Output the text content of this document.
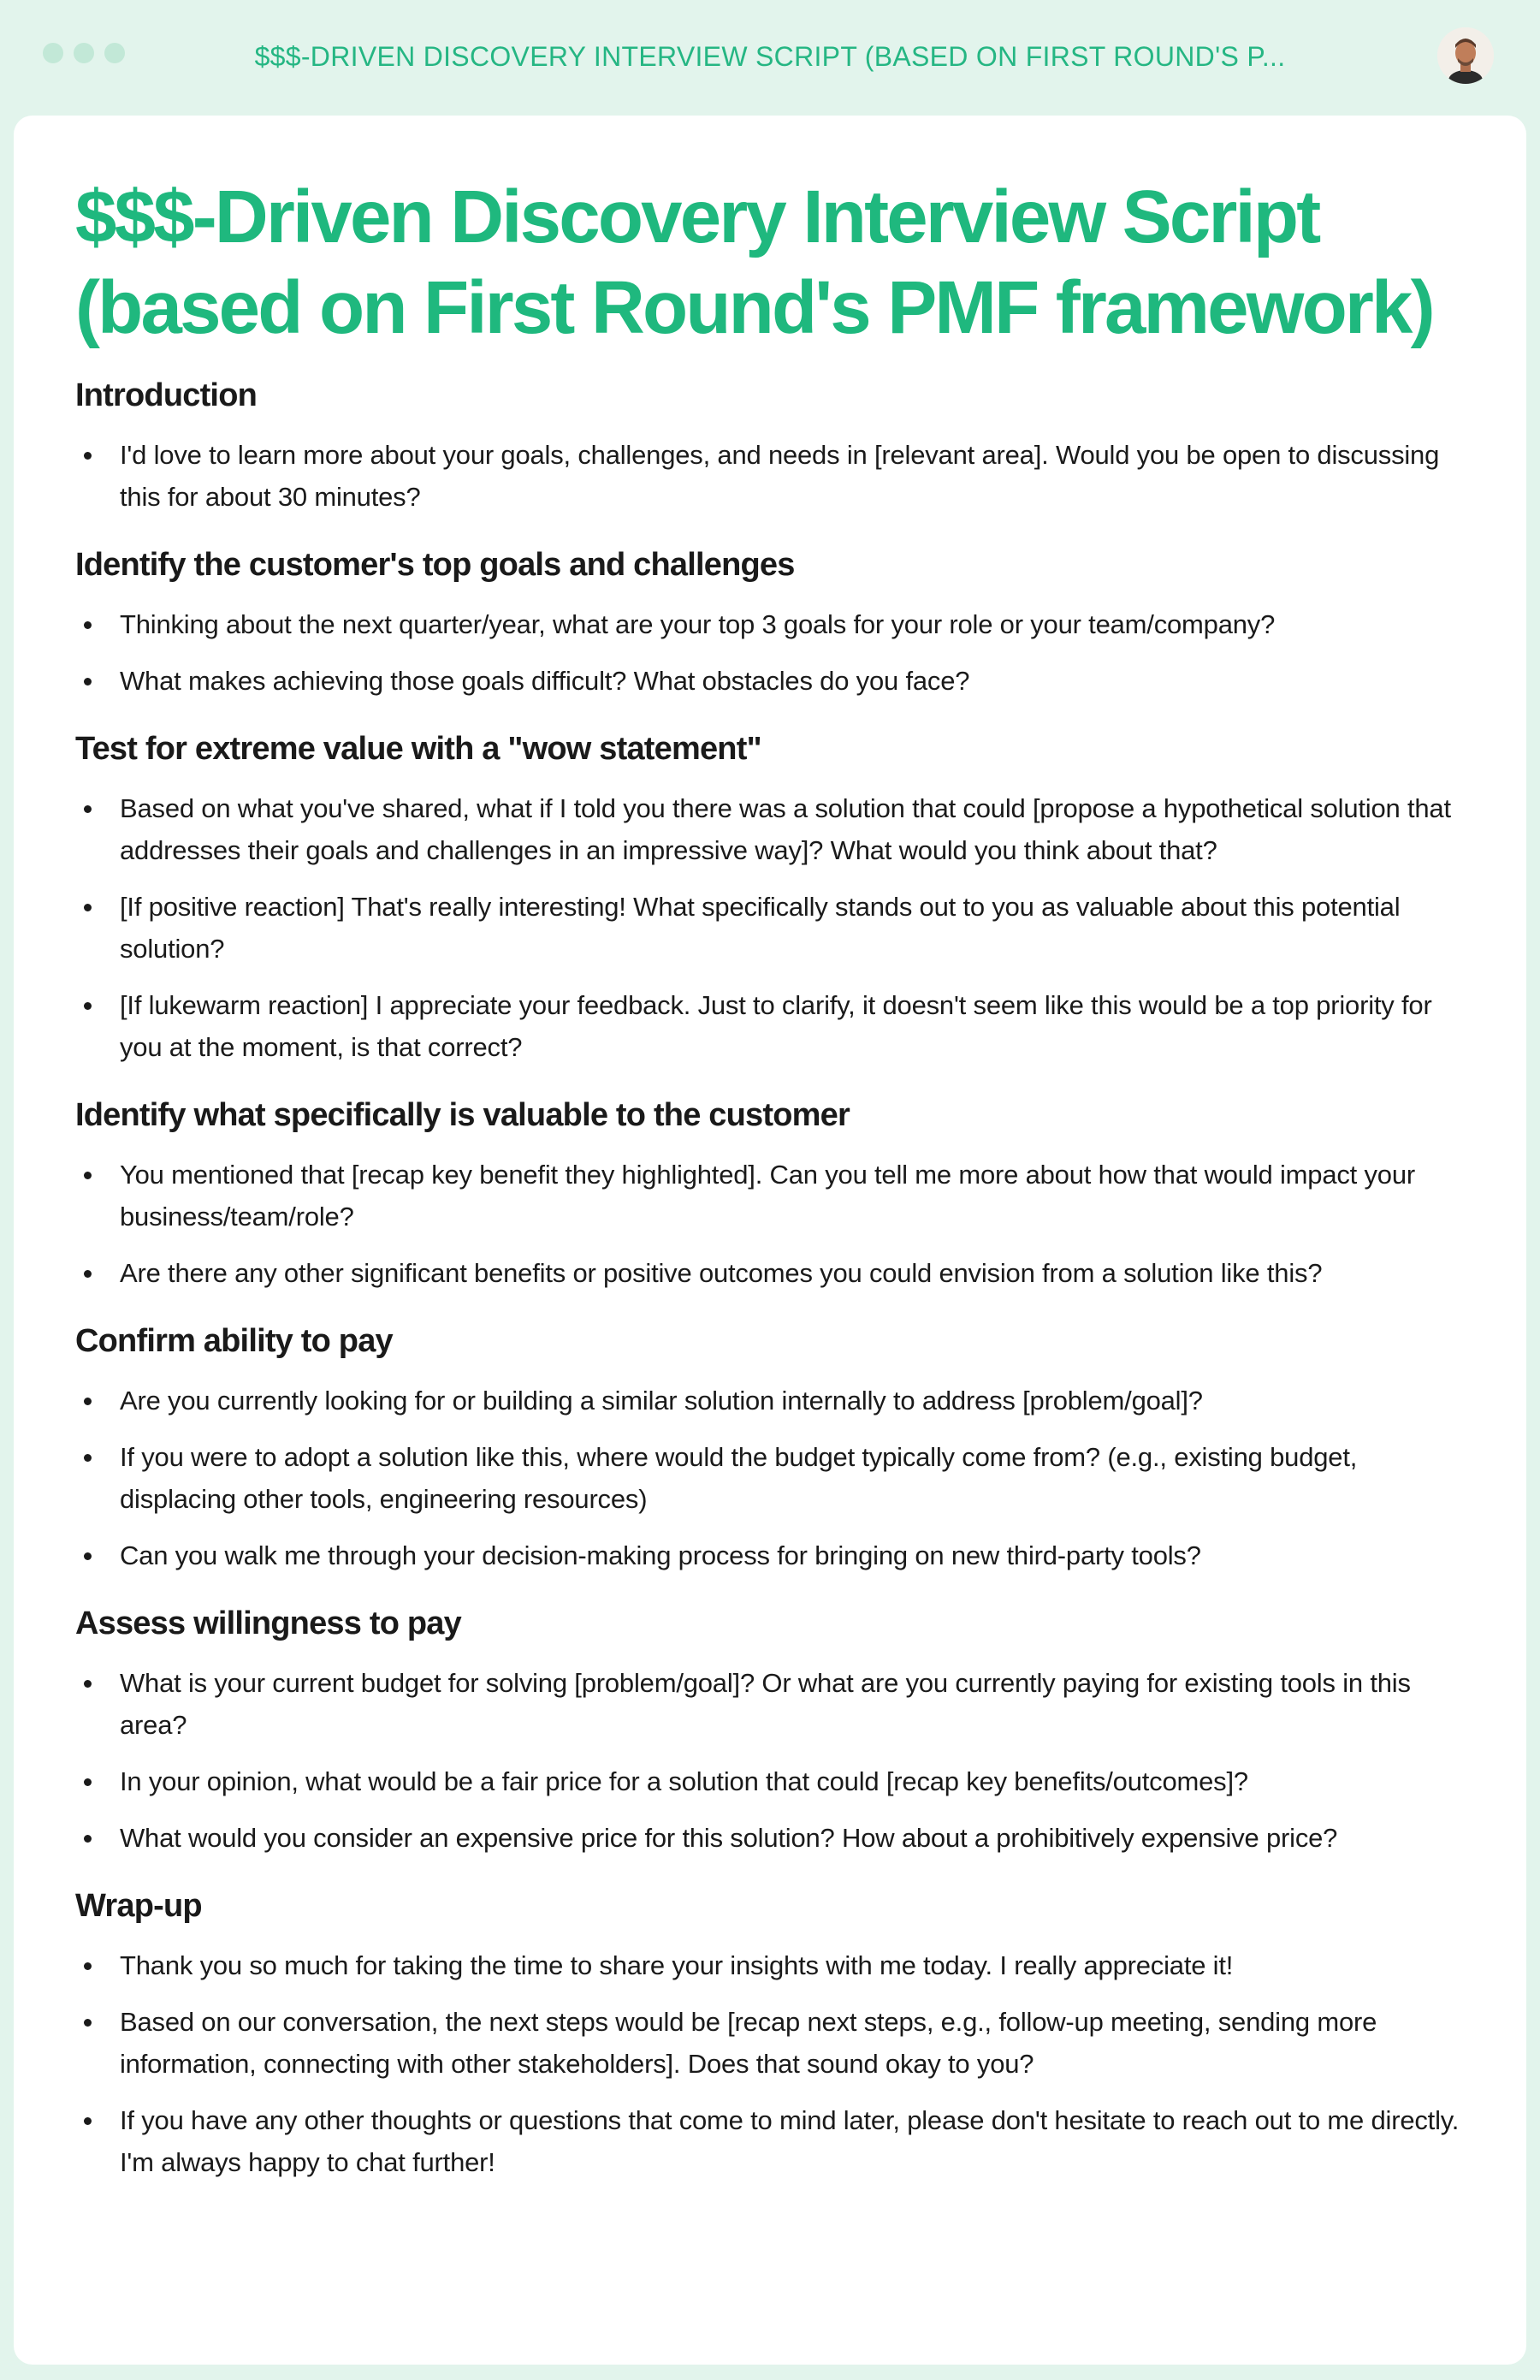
$$$-DRIVEN DISCOVERY INTERVIEW SCRIPT (BASED ON FIRST ROUND'S P...
$$$-Driven Discovery Interview Script (based on First Round's PMF framework)
Introduction
I'd love to learn more about your goals, challenges, and needs in [relevant area]. Would you be open to discussing this for about 30 minutes?
Identify the customer's top goals and challenges
Thinking about the next quarter/year, what are your top 3 goals for your role or your team/company?
What makes achieving those goals difficult? What obstacles do you face?
Test for extreme value with a "wow statement"
Based on what you've shared, what if I told you there was a solution that could [propose a hypothetical solution that addresses their goals and challenges in an impressive way]? What would you think about that?
[If positive reaction] That's really interesting! What specifically stands out to you as valuable about this potential solution?
[If lukewarm reaction] I appreciate your feedback. Just to clarify, it doesn't seem like this would be a top priority for you at the moment, is that correct?
Identify what specifically is valuable to the customer
You mentioned that [recap key benefit they highlighted]. Can you tell me more about how that would impact your business/team/role?
Are there any other significant benefits or positive outcomes you could envision from a solution like this?
Confirm ability to pay
Are you currently looking for or building a similar solution internally to address [problem/goal]?
If you were to adopt a solution like this, where would the budget typically come from? (e.g., existing budget, displacing other tools, engineering resources)
Can you walk me through your decision-making process for bringing on new third-party tools?
Assess willingness to pay
What is your current budget for solving [problem/goal]? Or what are you currently paying for existing tools in this area?
In your opinion, what would be a fair price for a solution that could [recap key benefits/outcomes]?
What would you consider an expensive price for this solution? How about a prohibitively expensive price?
Wrap-up
Thank you so much for taking the time to share your insights with me today. I really appreciate it!
Based on our conversation, the next steps would be [recap next steps, e.g., follow-up meeting, sending more information, connecting with other stakeholders]. Does that sound okay to you?
If you have any other thoughts or questions that come to mind later, please don't hesitate to reach out to me directly. I'm always happy to chat further!
